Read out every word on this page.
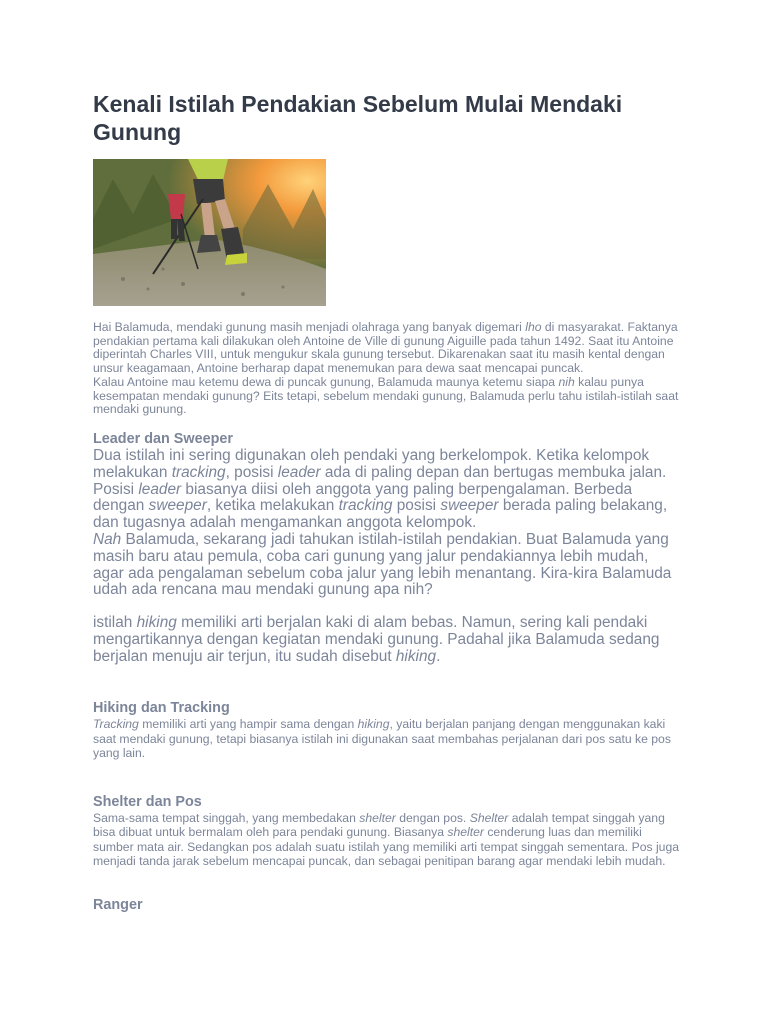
Kenali Istilah Pendakian Sebelum Mulai Mendaki Gunung

Hai Balamuda, mendaki gunung masih menjadi olahraga yang banyak digemari lho di masyarakat. Faktanya pendakian pertama kali dilakukan oleh Antoine de Ville di gunung Aiguille pada tahun 1492. Saat itu Antoine diperintah Charles VIII, untuk mengukur skala gunung tersebut. Dikarenakan saat itu masih kental dengan unsur keagamaan, Antoine berharap dapat menemukan para dewa saat mencapai puncak.

Kalau Antoine mau ketemu dewa di puncak gunung, Balamuda maunya ketemu siapa nih kalau punya kesempatan mendaki gunung? Eits tetapi, sebelum mendaki gunung, Balamuda perlu tahu istilah-istilah saat mendaki gunung.

Leader dan Sweeper

Dua istilah ini sering digunakan oleh pendaki yang berkelompok. Ketika kelompok melakukan tracking, posisi leader ada di paling depan dan bertugas membuka jalan. Posisi leader biasanya diisi oleh anggota yang paling berpengalaman. Berbeda dengan sweeper, ketika melakukan tracking posisi sweeper berada paling belakang, dan tugasnya adalah mengamankan anggota kelompok.

Nah Balamuda, sekarang jadi tahukan istilah-istilah pendakian. Buat Balamuda yang masih baru atau pemula, coba cari gunung yang jalur pendakiannya lebih mudah, agar ada pengalaman sebelum coba jalur yang lebih menantang. Kira-kira Balamuda udah ada rencana mau mendaki gunung apa nih?

istilah hiking memiliki arti berjalan kaki di alam bebas. Namun, sering kali pendaki mengartikannya dengan kegiatan mendaki gunung. Padahal jika Balamuda sedang berjalan menuju air terjun, itu sudah disebut hiking.

Hiking dan Tracking

Tracking memiliki arti yang hampir sama dengan hiking, yaitu berjalan panjang dengan menggunakan kaki saat mendaki gunung, tetapi biasanya istilah ini digunakan saat membahas perjalanan dari pos satu ke pos yang lain.

Shelter dan Pos

Sama-sama tempat singgah, yang membedakan shelter dengan pos. Shelter adalah tempat singgah yang bisa dibuat untuk bermalam oleh para pendaki gunung. Biasanya shelter cenderung luas dan memiliki sumber mata air. Sedangkan pos adalah suatu istilah yang memiliki arti tempat singgah sementara. Pos juga menjadi tanda jarak sebelum mencapai puncak, dan sebagai penitipan barang agar mendaki lebih mudah.

Ranger
